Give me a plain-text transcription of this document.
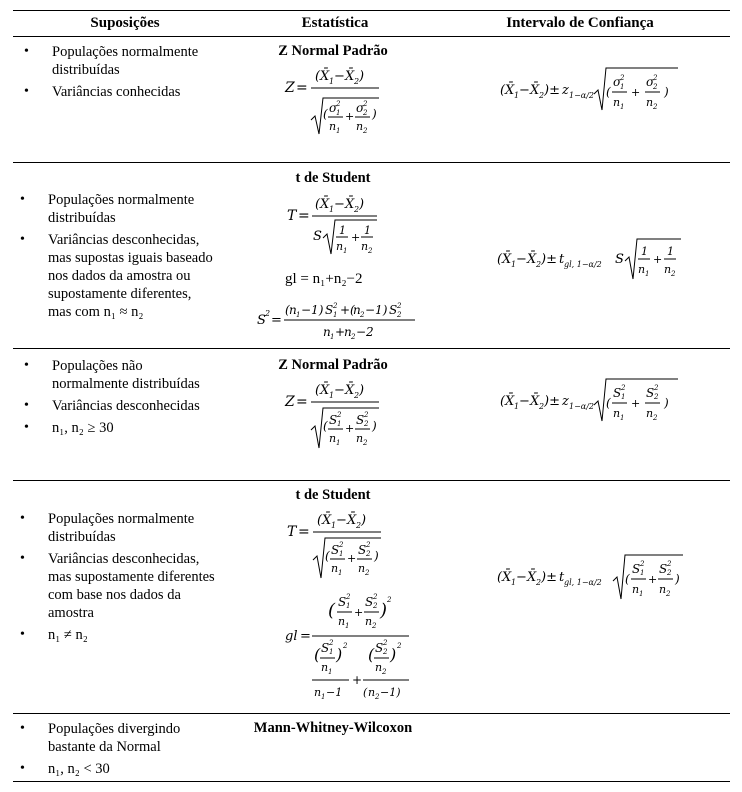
Suposições	Estatística	Intervalo de Confiança
• Populações normalmente distribuídas
• Variâncias conhecidas
Z Normal Padrão
Z =
( X̄ 1 − X̄ 2 )
( σ
2
1
n 1
+
σ
2
2
n 2
)
( X̄ 1 − X̄ 2 )± z 1−α/2 (
σ
2
1
n 1
+
σ
2
2
n 2
)
• Populações normalmente distribuídas
• Variâncias desconhecidas, mas supostas iguais baseado nos dados da amostra ou supostamente diferentes, mas com n₁ ≈ n₂
t de Student
T =
( X̄ 1 − X̄ 2 )
S 1
n 1
+
1
n 2
gl = n₁+n₂−2
S 2 =
( n 1 −1) S 2
1 +(
n 2 −1) S 2
2
n 1 +
n 2 −2
( X̄ 1 − X̄ 2 )± t gl, 1−α/2 S
1
n 1
+
1
n 2
• Populações não normalmente distribuídas
• Variâncias desconhecidas
• n₁, n₂ ≥ 30
Z Normal Padrão
Z =
( X̄ 1 − X̄ 2 )
( S 2
1
n 1
+
S 2
2
n 2
)
( X̄ 1 − X̄ 2 )± z 1−α/2 (
S 2
1
n 1
+
S 2
2
n 2
)
• Populações normalmente distribuídas
• Variâncias desconhecidas, mas supostamente diferentes com base nos dados da amostra
• n₁ ≠ n₂
t de Student
T =
( X̄ 1 − X̄ 2 )
( S 2
1
n 1
+
S 2
2
n 2
)
gl =
( S 2
1
n 1
+
S 2
2
n 2
) 2
( S 2
1
n 1
) 2
n 1 −1
+
( S 2
2
n 2
) 2
( n 2 −1)
( X̄ 1 − X̄ 2 )± t gl, 1−α/2 (
S 2
1
n 1
+
S 2
2
n 2
)
• Populações divergindo bastante da Normal
• n₁, n₂ < 30
Mann-Whitney-Wilcoxon
